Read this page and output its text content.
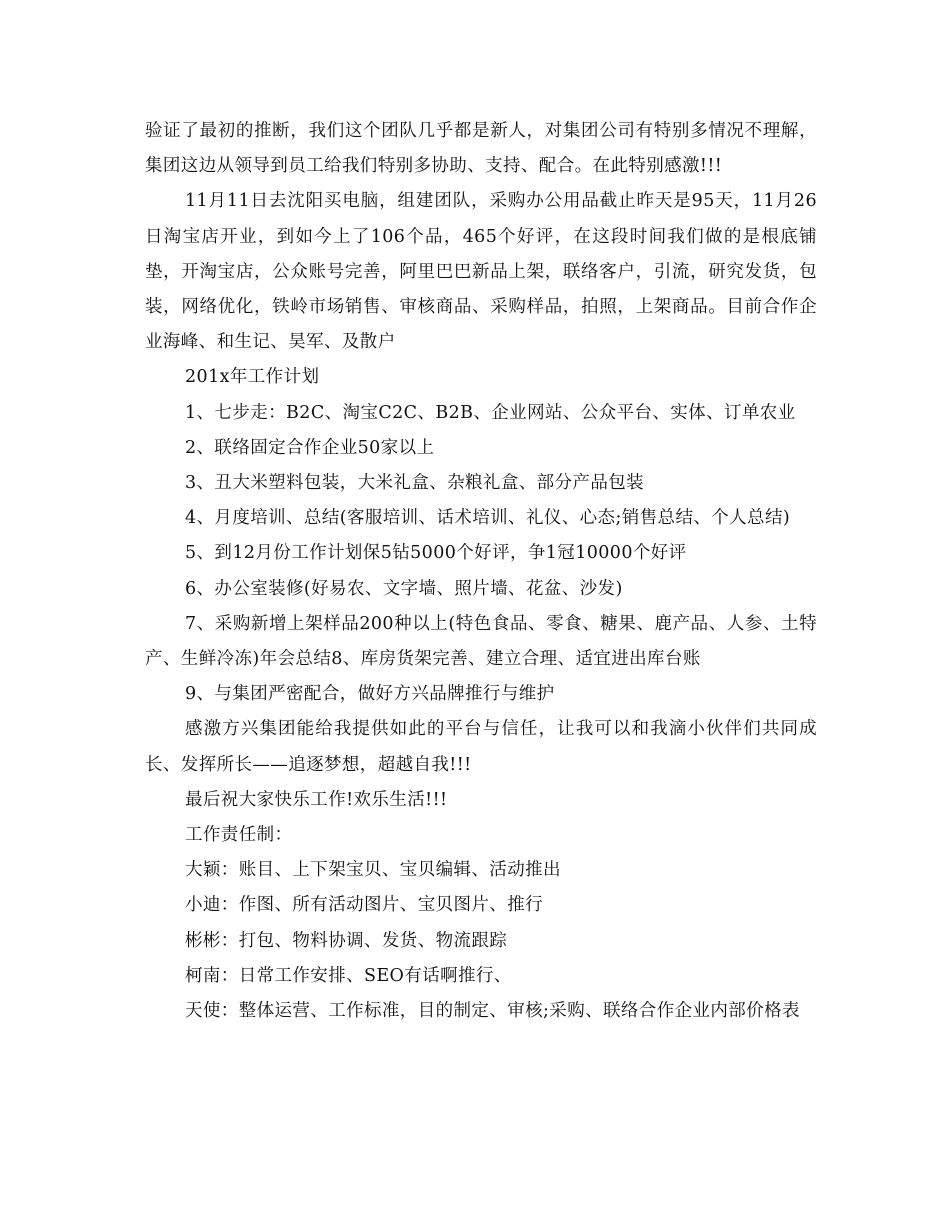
验证了最初的推断，我们这个团队几乎都是新人，对集团公司有特别多情况不理解，集团这边从领导到员工给我们特别多协助、支持、配合。在此特别感激!!!

11月11日去沈阳买电脑，组建团队，采购办公用品截止昨天是95天，11月26日淘宝店开业，到如今上了106个品，465个好评，在这段时间我们做的是根底铺垫，开淘宝店，公众账号完善，阿里巴巴新品上架，联络客户，引流，研究发货，包装，网络优化，铁岭市场销售、审核商品、采购样品，拍照，上架商品。目前合作企业海峰、和生记、昊军、及散户

201x年工作计划

1、七步走：B2C、淘宝C2C、B2B、企业网站、公众平台、实体、订单农业

2、联络固定合作企业50家以上

3、丑大米塑料包装，大米礼盒、杂粮礼盒、部分产品包装

4、月度培训、总结(客服培训、话术培训、礼仪、心态;销售总结、个人总结)

5、到12月份工作计划保5钻5000个好评，争1冠10000个好评

6、办公室装修(好易农、文字墙、照片墙、花盆、沙发)

7、采购新增上架样品200种以上(特色食品、零食、糖果、鹿产品、人参、土特产、生鲜冷冻)年会总结8、库房货架完善、建立合理、适宜进出库台账

9、与集团严密配合，做好方兴品牌推行与维护

感激方兴集团能给我提供如此的平台与信任，让我可以和我滴小伙伴们共同成长、发挥所长——追逐梦想，超越自我!!!

最后祝大家快乐工作!欢乐生活!!!

工作责任制：

大颖：账目、上下架宝贝、宝贝编辑、活动推出

小迪：作图、所有活动图片、宝贝图片、推行

彬彬：打包、物料协调、发货、物流跟踪

柯南：日常工作安排、SEO有话啊推行、

天使：整体运营、工作标准，目的制定、审核;采购、联络合作企业内部价格表
